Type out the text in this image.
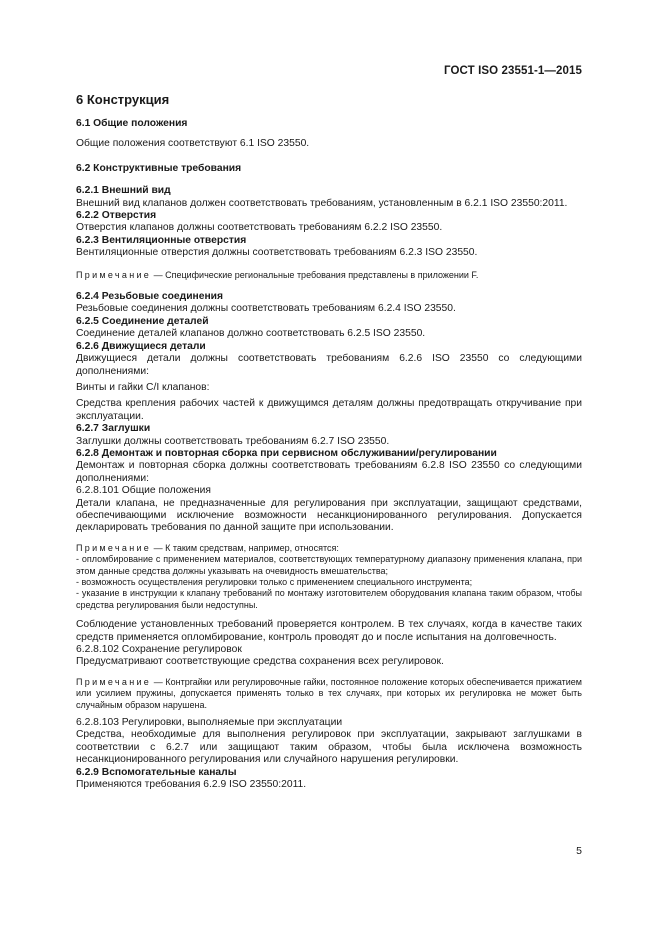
ГОСТ ISO 23551-1—2015
6 Конструкция
6.1 Общие положения

Общие положения соответствуют 6.1 ISO 23550.

6.2 Конструктивные требования
6.2.1 Внешний вид

Внешний вид клапанов должен соответствовать требованиям, установленным в 6.2.1 ISO 23550:2011.

6.2.2 Отверстия

Отверстия клапанов должны соответствовать требованиям 6.2.2 ISO 23550.

6.2.3 Вентиляционные отверстия

Вентиляционные отверстия должны соответствовать требованиям 6.2.3 ISO 23550.

Примечание — Специфические региональные требования представлены в приложении F.

6.2.4 Резьбовые соединения

Резьбовые соединения должны соответствовать требованиям 6.2.4 ISO 23550.

6.2.5 Соединение деталей

Соединение деталей клапанов должно соответствовать 6.2.5 ISO 23550.

6.2.6 Движущиеся детали

Движущиеся детали должны соответствовать требованиям 6.2.6 ISO 23550 со следующими дополнениями:

Винты и гайки C/I клапанов:

Средства крепления рабочих частей к движущимся деталям должны предотвращать откручивание при эксплуатации.

6.2.7 Заглушки

Заглушки должны соответствовать требованиям 6.2.7 ISO 23550.

6.2.8 Демонтаж и повторная сборка при сервисном обслуживании/регулировании

Демонтаж и повторная сборка должны соответствовать требованиям 6.2.8 ISO 23550 со следующими дополнениями:

6.2.8.101 Общие положения

Детали клапана, не предназначенные для регулирования при эксплуатации, защищают средствами, обеспечивающими исключение возможности несанкционированного регулирования. Допускается декларировать требования по данной защите при использовании.

Примечание — К таким средствам, например, относятся:

- опломбирование с применением материалов, соответствующих температурному диапазону применения клапана, при этом данные средства должны указывать на очевидность вмешательства;

- возможность осуществления регулировки только с применением специального инструмента;

- указание в инструкции к клапану требований по монтажу изготовителем оборудования клапана таким образом, чтобы средства регулирования были недоступны.

Соблюдение установленных требований проверяется контролем. В тех случаях, когда в качестве таких средств применяется опломбирование, контроль проводят до и после испытания на долговечность.

6.2.8.102 Сохранение регулировок

Предусматривают соответствующие средства сохранения всех регулировок.

Примечание — Контргайки или регулировочные гайки, постоянное положение которых обеспечивается прижатием или усилием пружины, допускается применять только в тех случаях, при которых их регулировка не может быть случайным образом нарушена.

6.2.8.103 Регулировки, выполняемые при эксплуатации

Средства, необходимые для выполнения регулировок при эксплуатации, закрывают заглушками в соответствии с 6.2.7 или защищают таким образом, чтобы была исключена возможность несанкционированного регулирования или случайного нарушения регулировки.

6.2.9 Вспомогательные каналы

Применяются требования 6.2.9 ISO 23550:2011.

5
